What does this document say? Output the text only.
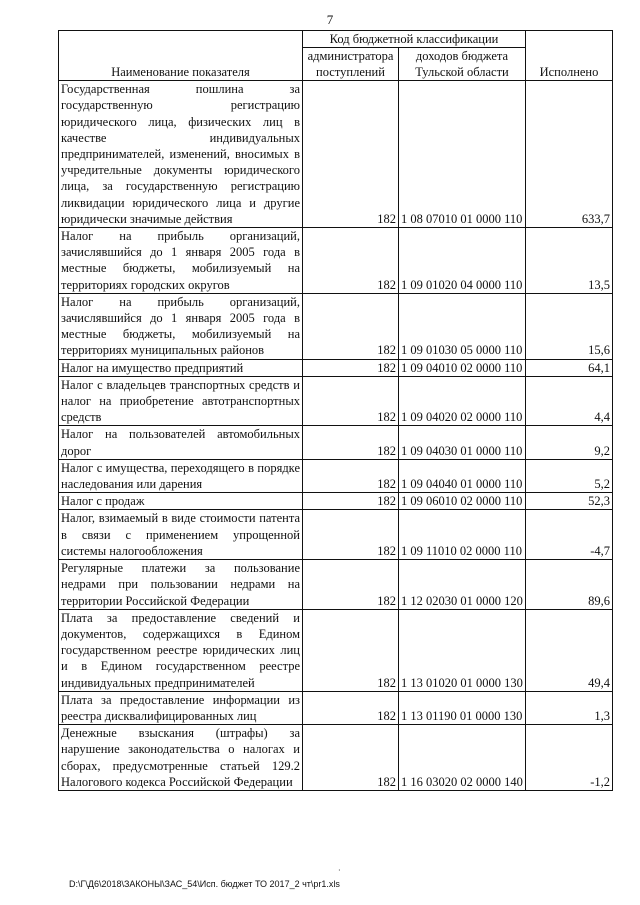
7
Наименование показателя	Код бюджетной классификации		Исполнено
	администратора поступлений	доходов бюджета Тульской области	
Государственная пошлина за государственную регистрацию юридического лица, физических лиц в качестве индивидуальных предпринимателей, изменений, вносимых в учредительные документы юридического лица, за государственную регистрацию ликвидации юридического лица и другие юридически значимые действия	182	1 08 07010 01 0000 110	633,7
Налог на прибыль организаций, зачислявшийся до 1 января 2005 года в местные бюджеты, мобилизуемый на территориях городских округов	182	1 09 01020 04 0000 110	13,5
Налог на прибыль организаций, зачислявшийся до 1 января 2005 года в местные бюджеты, мобилизуемый на территориях муниципальных районов	182	1 09 01030 05 0000 110	15,6
Налог на имущество предприятий	182	1 09 04010 02 0000 110	64,1
Налог с владельцев транспортных средств и налог на приобретение автотранспортных средств	182	1 09 04020 02 0000 110	4,4
Налог на пользователей автомобильных дорог	182	1 09 04030 01 0000 110	9,2
Налог с имущества, переходящего в порядке наследования или дарения	182	1 09 04040 01 0000 110	5,2
Налог с продаж	182	1 09 06010 02 0000 110	52,3
Налог, взимаемый в виде стоимости патента в связи с применением упрощенной системы налогообложения	182	1 09 11010 02 0000 110	-4,7
Регулярные платежи за пользование недрами при пользовании недрами на территории Российской Федерации	182	1 12 02030 01 0000 120	89,6
Плата за предоставление сведений и документов, содержащихся в Едином государственном реестре юридических лиц и в Едином государственном реестре индивидуальных предпринимателей	182	1 13 01020 01 0000 130	49,4
Плата за предоставление информации из реестра дисквалифицированных лиц	182	1 13 01190 01 0000 130	1,3
Денежные взыскания (штрафы) за нарушение законодательства о налогах и сборах, предусмотренные статьей 129.2 Налогового кодекса Российской Федерации	182	1 16 03020 02 0000 140	-1,2
·
D:\Г\Д6\2018\ЗАКОНЫ\ЗАС_54\Исп. бюджет ТО 2017_2 чт\pr1.xls
